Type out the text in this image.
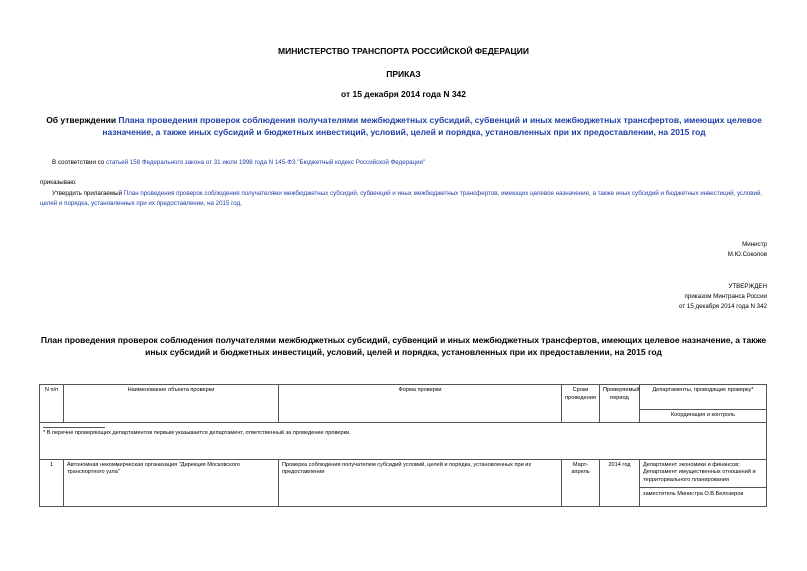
МИНИСТЕРСТВО ТРАНСПОРТА РОССИЙСКОЙ ФЕДЕРАЦИИ
ПРИКАЗ
от 15 декабря 2014 года N 342
Об утверждении Плана проведения проверок соблюдения получателями межбюджетных субсидий, субвенций и иных межбюджетных трансфертов, имеющих целевое назначение, а также иных субсидий и бюджетных инвестиций, условий, целей и порядка, установленных при их предоставлении, на 2015 год
В соответствии со статьей 158 Федерального закона от 31 июля 1998 года N 145-ФЗ "Бюджетный кодекс Российской Федерации"
приказываю:
Утвердить прилагаемый План проведения проверок соблюдения получателями межбюджетных субсидий, субвенций и иных межбюджетных трансфертов, имеющих целевое назначение, а также иных субсидий и бюджетных инвестиций, условий, целей и порядка, установленных при их предоставлении, на 2015 год.
Министр
М.Ю.Соколов
УТВЕРЖДЕН
приказом Минтранса России
от 15 декабря 2014 года N 342
План проведения проверок соблюдения получателями межбюджетных субсидий, субвенций и иных межбюджетных трансфертов, имеющих целевое назначение, а также иных субсидий и бюджетных инвестиций, условий, целей и порядка, установленных при их предоставлении, на 2015 год
N п/п	Наименование объекта проверки	Форма проверки	Сроки проведения	Проверяемый период	Департаменты, проводящие проверку*
					Координация и контроль

* В перечне проверяющих департаментов первым указывается департамент, ответственный за проведение проверки.					

1	Автономная некоммерческая организация "Дирекция Московского транспортного узла"	Проверка соблюдения получателем субсидий условий, целей и порядка, установленных при их предоставлении	Март-апрель	2014 год	Департамент экономики и финансов; Департамент имущественных отношений и территориального планирования
заместитель Министра О.В.Белозеров
